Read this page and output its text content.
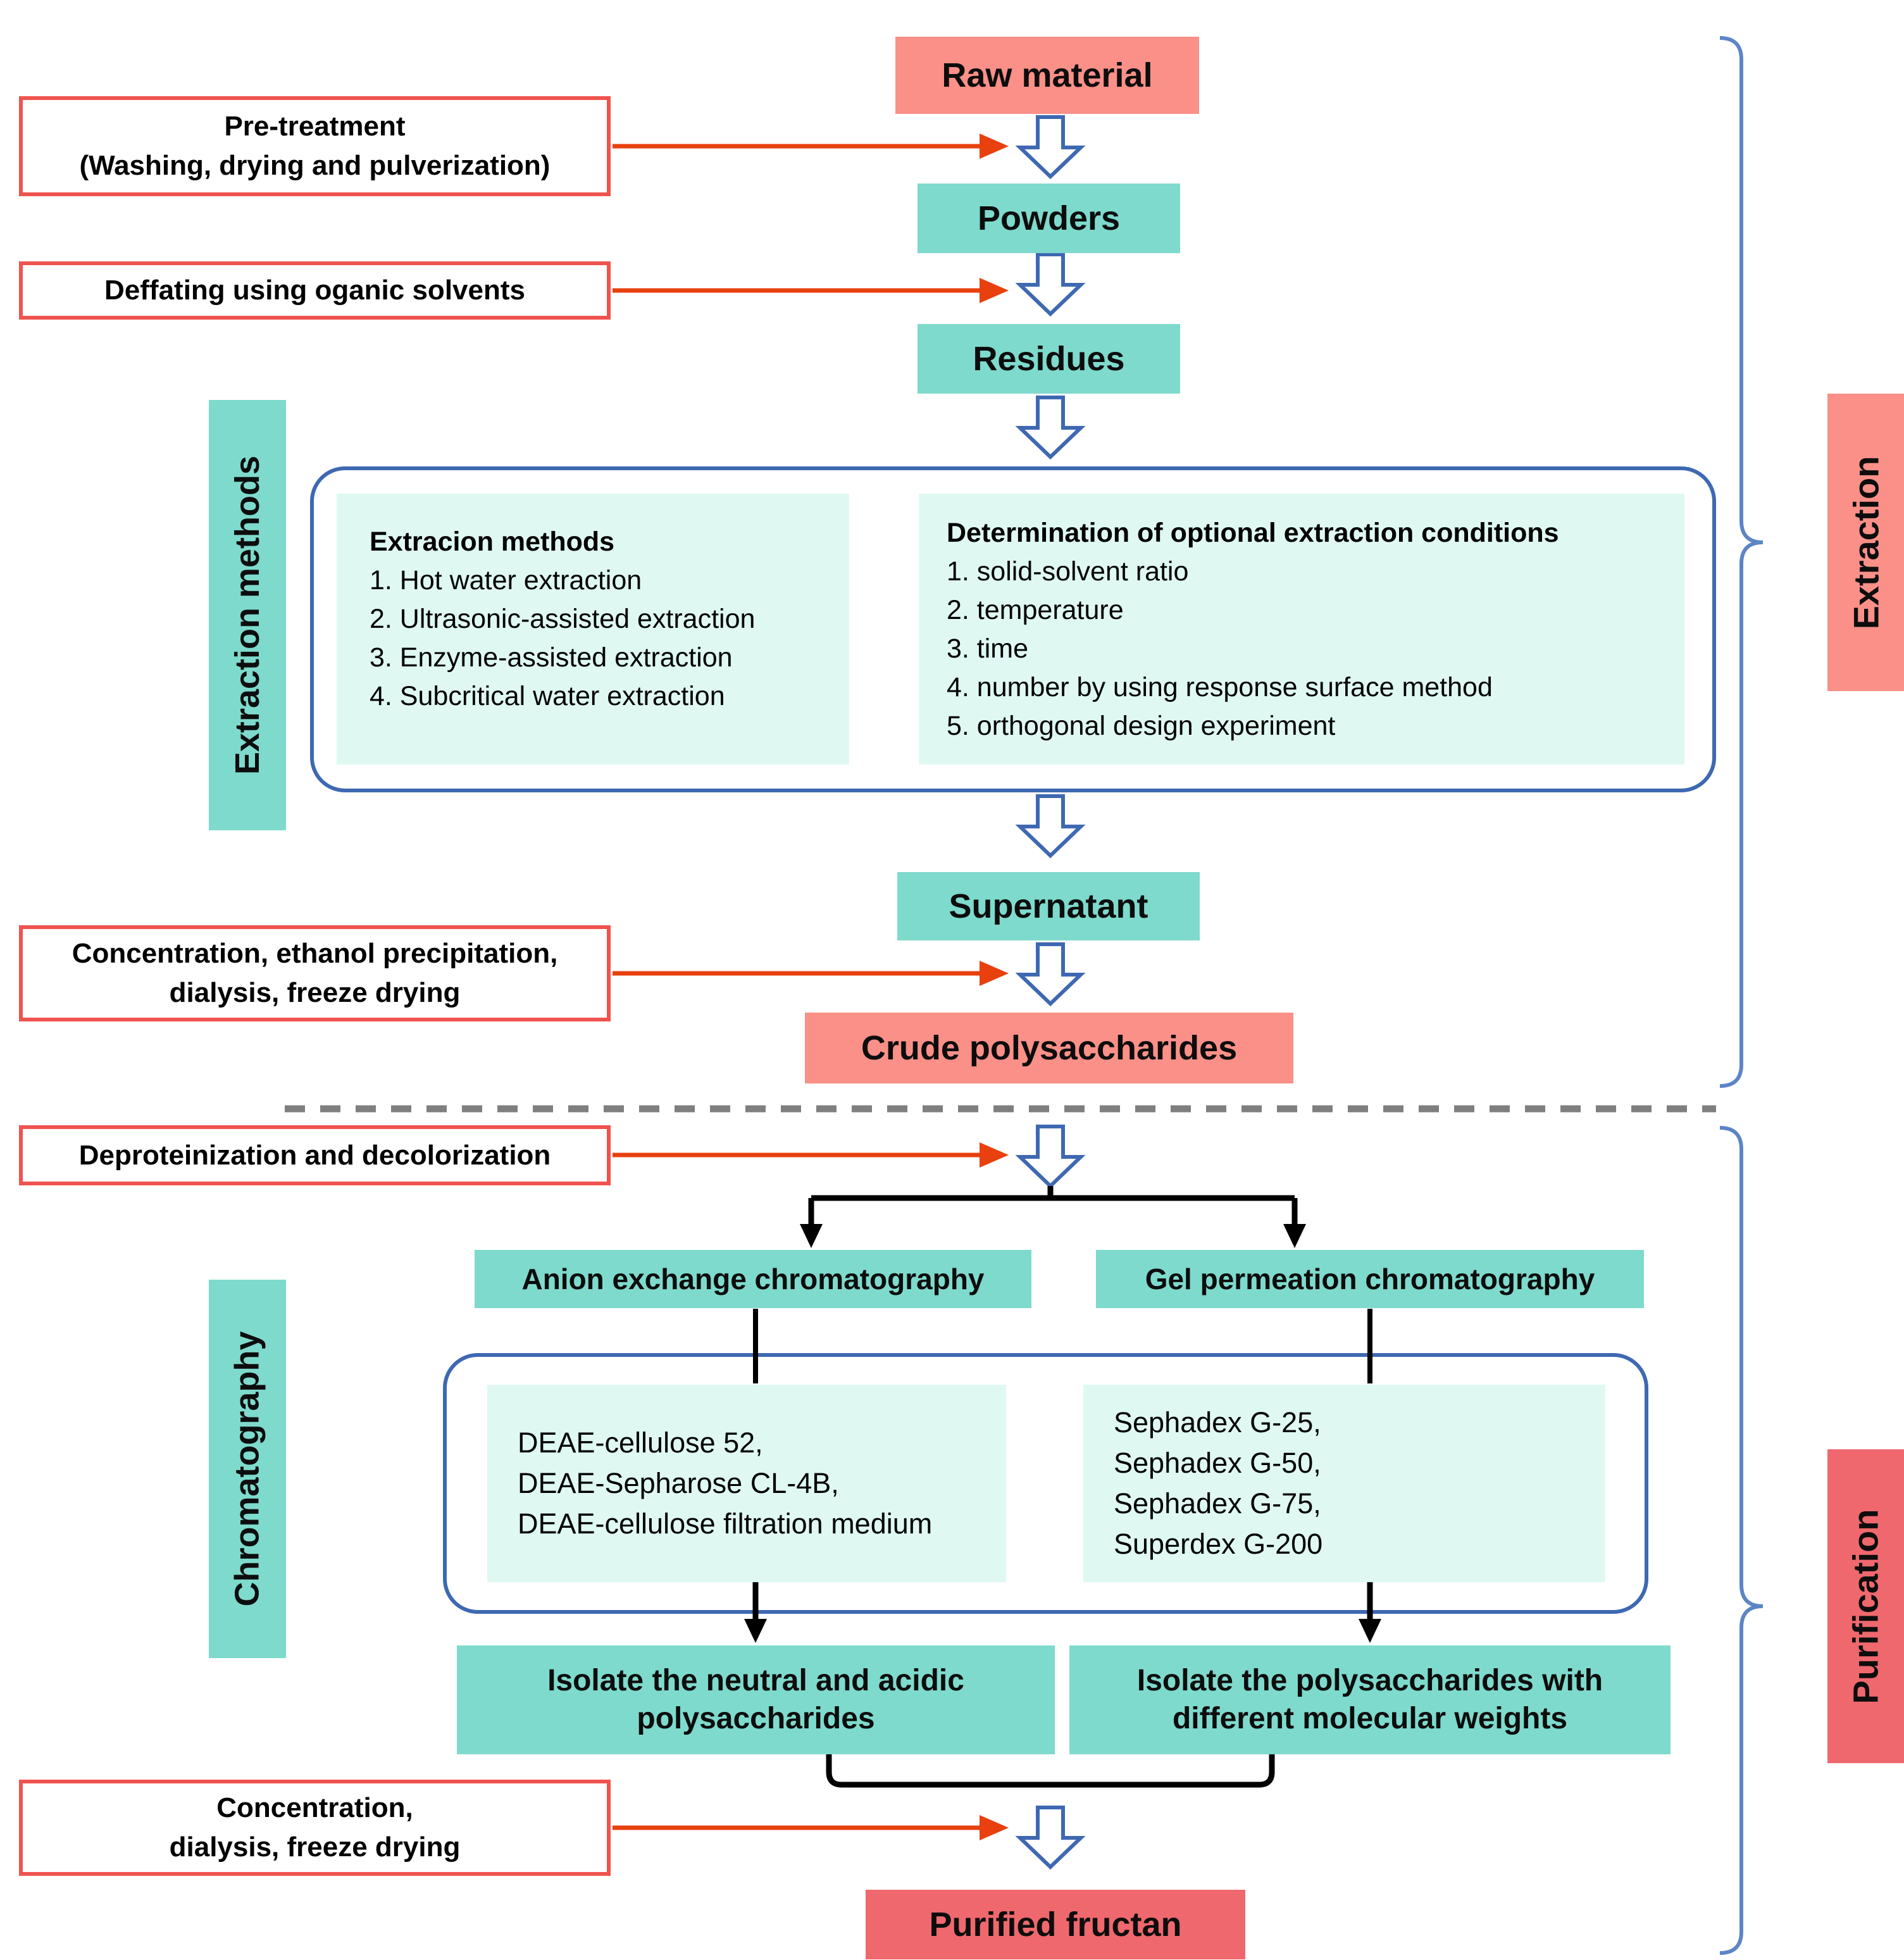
Raw material
Powders
Residues
Supernatant
Crude polysaccharides
Purified fructan
Pre-treatment
(Washing, drying and pulverization)
Deffating using oganic solvents
Concentration, ethanol precipitation,
dialysis, freeze drying
Deproteinization and decolorization
Concentration,
dialysis, freeze drying
Extraction methods	Extracion methods
1. Hot water extraction
2. Ultrasonic-assisted extraction
3. Enzyme-assisted extraction
4. Subcritical water extraction
Determination of optional extraction conditions
1. solid-solvent ratio
2. temperature
3. time
4. number by using response surface method
5. orthogonal design experiment
Anion exchange chromatography	Gel permeation chromatography
Chromatography	DEAE-cellulose 52,
DEAE-Sepharose CL-4B,
DEAE-cellulose filtration medium
Sephadex G-25,
Sephadex G-50,
Sephadex G-75,
Superdex G-200
Isolate the neutral and acidic polysaccharides
Isolate the polysaccharides with different molecular weights
Extraction
Purification
